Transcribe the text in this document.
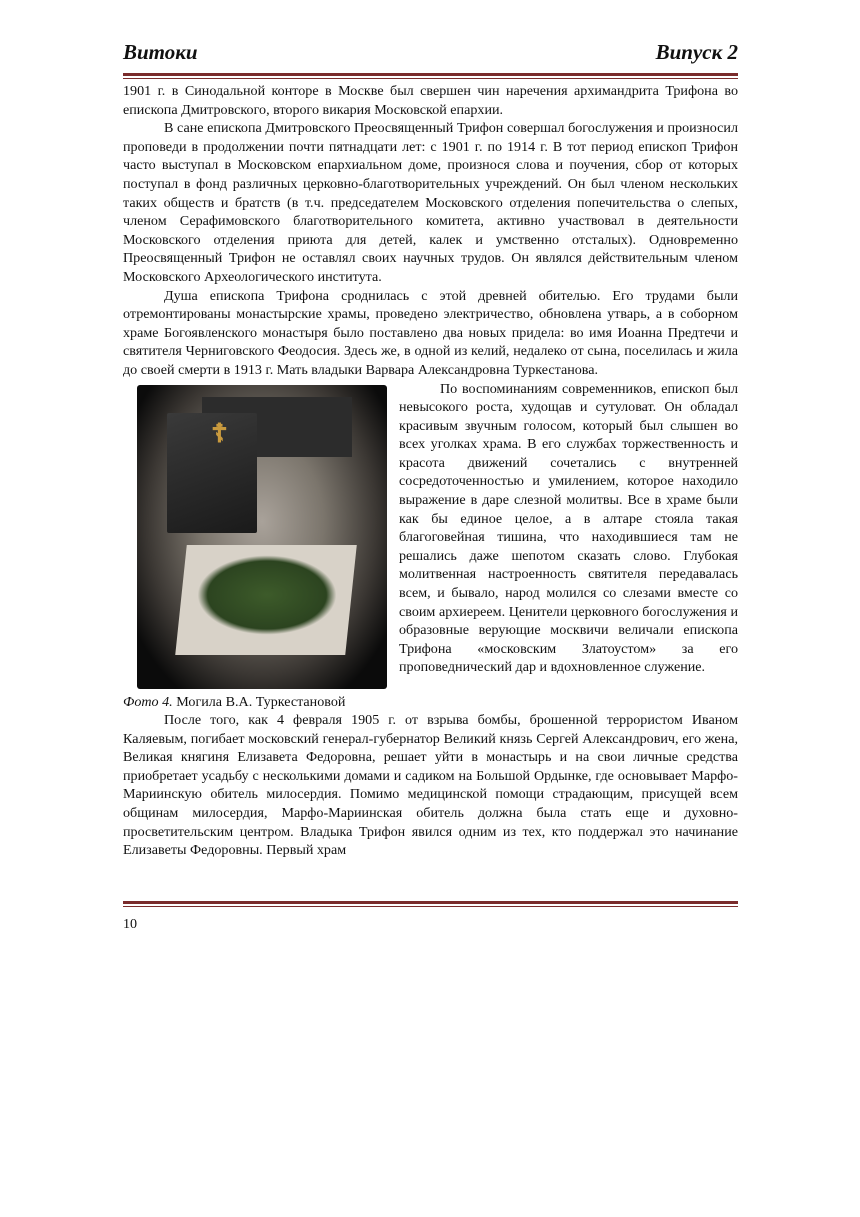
Витоки	Випуск 2

1901 г. в Синодальной конторе в Москве был свершен чин наречения архимандрита Трифона во епископа Дмитровского, второго викария Московской епархии.

В сане епископа Дмитровского Преосвященный Трифон совершал богослужения и произносил проповеди в продолжении почти пятнадцати лет: с 1901 г. по 1914 г. В тот период епископ Трифон часто выступал в Московском епархиальном доме, произнося слова и поучения, сбор от которых поступал в фонд различных церковно-благотворительных учреждений. Он был членом нескольких таких обществ и братств (в т.ч. председателем Московского отделения попечительства о слепых, членом Серафимовского благотворительного комитета, активно участвовал в деятельности Московского отделения приюта для детей, калек и умственно отсталых). Одновременно Преосвященный Трифон не оставлял своих научных трудов. Он являлся действительным членом Московского Археологического института.

Душа епископа Трифона сроднилась с этой древней обителью. Его трудами были отремонтированы монастырские храмы, проведено электричество, обновлена утварь, а в соборном храме Богоявленского монастыря было поставлено два новых придела: во имя Иоанна Предтечи и святителя Черниговского Феодосия. Здесь же, в одной из келий, недалеко от сына, поселилась и жила до своей смерти в 1913 г. Мать владыки Варвара Александровна Туркестанова.

☦

По воспоминаниям современников, епископ был невысокого роста, худощав и сутуловат. Он обладал красивым звучным голосом, который был слышен во всех уголках храма. В его службах торжественность и красота движений сочетались с внутренней сосредоточенностью и умилением, которое находило выражение в даре слезной молитвы. Все в храме были как бы единое целое, а в алтаре стояла такая благоговейная тишина, что находившиеся там не решались даже шепотом сказать слово. Глубокая молитвенная настроенность святителя передавалась всем, и бывало, народ молился со слезами вместе со своим архиереем. Ценители церковного богослужения и образовные верующие москвичи величали епископа Трифона «московским Златоустом» за его проповеднический дар и вдохновленное служение.

Фото 4. Могила В.А. Туркестановой

После того, как 4 февраля 1905 г. от взрыва бомбы, брошенной террористом Иваном Каляевым, погибает московский генерал-губернатор Великий князь Сергей Александрович, его жена, Великая княгиня Елизавета Федоровна, решает уйти в монастырь и на свои личные средства приобретает усадьбу с несколькими домами и садиком на Большой Ордынке, где основывает Марфо-Мариинскую обитель милосердия. Помимо медицинской помощи страдающим, присущей всем общинам милосердия, Марфо-Мариинская обитель должна была стать еще и духовно-просветительским центром. Владыка Трифон явился одним из тех, кто поддержал это начинание Елизаветы Федоровны. Первый храм

10
